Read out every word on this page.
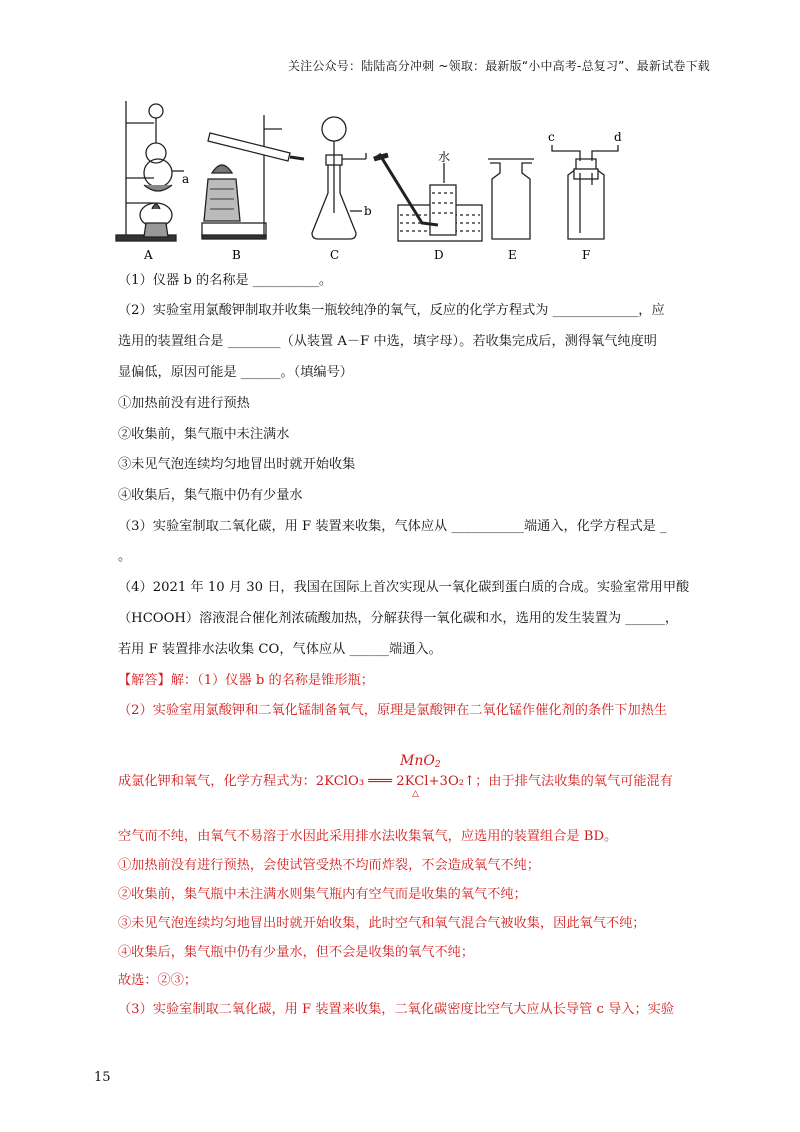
关注公众号：陆陆高分冲刺 ~领取：最新版“小中高考-总复习”、最新试卷下载
a
b
c	d
水
A	B	C	D	E	F
（1）仪器 b 的名称是 __________。
（2）实验室用氯酸钾制取并收集一瓶较纯净的氧气，反应的化学方程式为 _____________，应
选用的装置组合是 ________（从装置 A－F 中选，填字母）。若收集完成后，测得氧气纯度明
显偏低，原因可能是 ______。（填编号）
①加热前没有进行预热
②收集前，集气瓶中未注满水
③未见气泡连续均匀地冒出时就开始收集
④收集后，集气瓶中仍有少量水
（3）实验室制取二氧化碳，用 F 装置来收集，气体应从 ___________端通入，化学方程式是 _
。
（4）2021 年 10 月 30 日，我国在国际上首次实现从一氧化碳到蛋白质的合成。实验室常用甲酸
（HCOOH）溶液混合催化剂浓硫酸加热，分解获得一氧化碳和水，选用的发生装置为 ______，
若用 F 装置排水法收集 CO，气体应从 ______端通入。
【解答】解：（1）仪器 b 的名称是锥形瓶；
（2）实验室用氯酸钾和二氧化锰制备氧气，原理是氯酸钾在二氧化锰作催化剂的条件下加热生
MnO2
△
成氯化钾和氧气，化学方程式为：2KClO₃ ═══ 2KCl+3O₂↑；由于排气法收集的氧气可能混有
空气而不纯，由氧气不易溶于水因此采用排水法收集氧气，应选用的装置组合是 BD。
①加热前没有进行预热，会使试管受热不均而炸裂，不会造成氧气不纯；
②收集前，集气瓶中未注满水则集气瓶内有空气而是收集的氧气不纯；
③未见气泡连续均匀地冒出时就开始收集，此时空气和氧气混合气被收集，因此氧气不纯；
④收集后，集气瓶中仍有少量水，但不会是收集的氧气不纯；
故选：②③；
（3）实验室制取二氧化碳，用 F 装置来收集，二氧化碳密度比空气大应从长导管 c 导入；实验
15
